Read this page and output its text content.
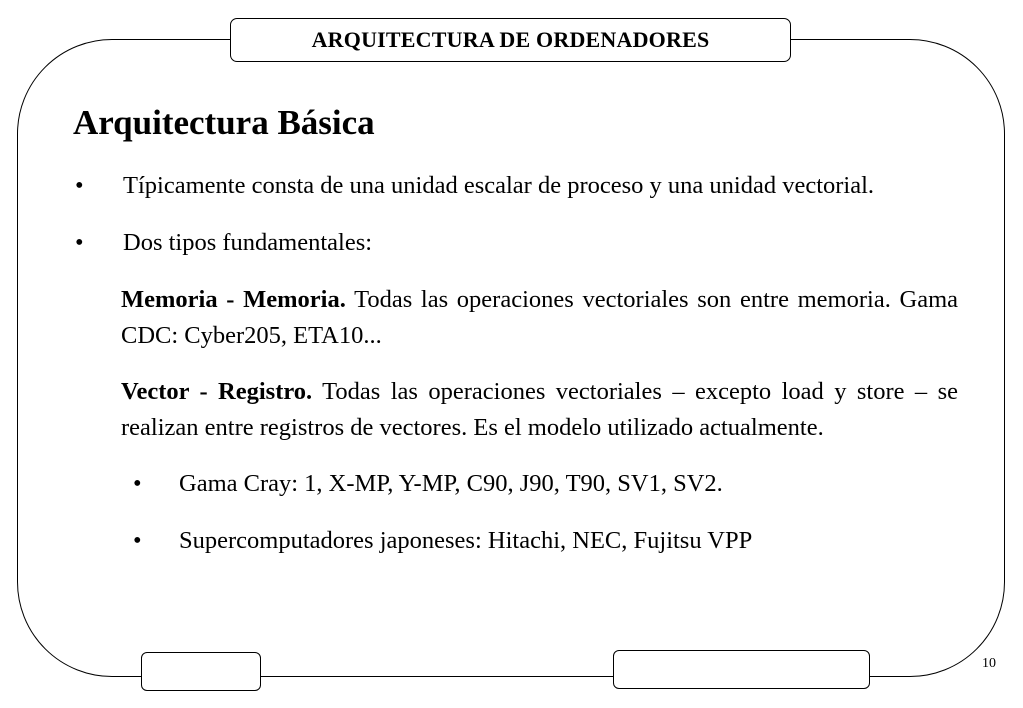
ARQUITECTURA DE ORDENADORES
Arquitectura Básica
•	Típicamente consta de una unidad escalar de proceso y una unidad vectorial.
•	Dos tipos fundamentales:
Memoria - Memoria. Todas las operaciones vectoriales son entre memoria. Gama CDC: Cyber205, ETA10...
Vector - Registro. Todas las operaciones vectoriales – excepto load y store – se realizan entre registros de vectores. Es el modelo utilizado actualmente.
•	Gama Cray: 1, X-MP, Y-MP, C90, J90, T90, SV1, SV2.
•	Supercomputadores japoneses: Hitachi, NEC, Fujitsu VPP
10
